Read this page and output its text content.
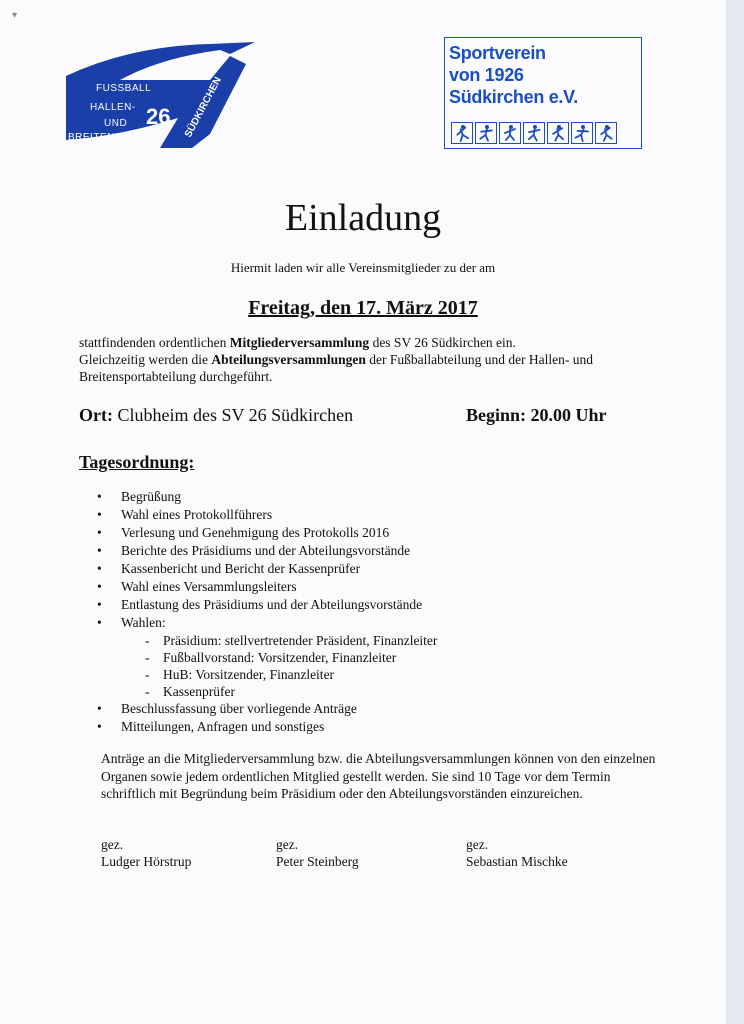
▾
FUSSBALL
HALLEN-
UND
BREITENSPORT
26 SÜDKIRCHEN
Sportverein
von 1926
Südkirchen e.V.
Einladung
Hiermit laden wir alle Vereinsmitglieder zu der am
Freitag, den 17. März 2017
stattfindenden ordentlichen Mitgliederversammlung des SV 26 Südkirchen ein.
Gleichzeitig werden die Abteilungsversammlungen der Fußballabteilung und der Hallen- und Breitensportabteilung durchgeführt.
Ort: Clubheim des SV 26 Südkirchen	Beginn: 20.00 Uhr
Tagesordnung:
• Begrüßung
• Wahl eines Protokollführers
• Verlesung und Genehmigung des Protokolls 2016
• Berichte des Präsidiums und der Abteilungsvorstände
• Kassenbericht und Bericht der Kassenprüfer
• Wahl eines Versammlungsleiters
• Entlastung des Präsidiums und der Abteilungsvorstände
• Wahlen:
- Präsidium: stellvertretender Präsident, Finanzleiter
- Fußballvorstand: Vorsitzender, Finanzleiter
- HuB: Vorsitzender, Finanzleiter
- Kassenprüfer
• Beschlussfassung über vorliegende Anträge
• Mitteilungen, Anfragen und sonstiges
Anträge an die Mitgliederversammlung bzw. die Abteilungsversammlungen können von den einzelnen Organen sowie jedem ordentlichen Mitglied gestellt werden. Sie sind 10 Tage vor dem Termin schriftlich mit Begründung beim Präsidium oder den Abteilungsvorständen einzureichen.
gez.
Ludger Hörstrup
gez.
Peter Steinberg
gez.
Sebastian Mischke
